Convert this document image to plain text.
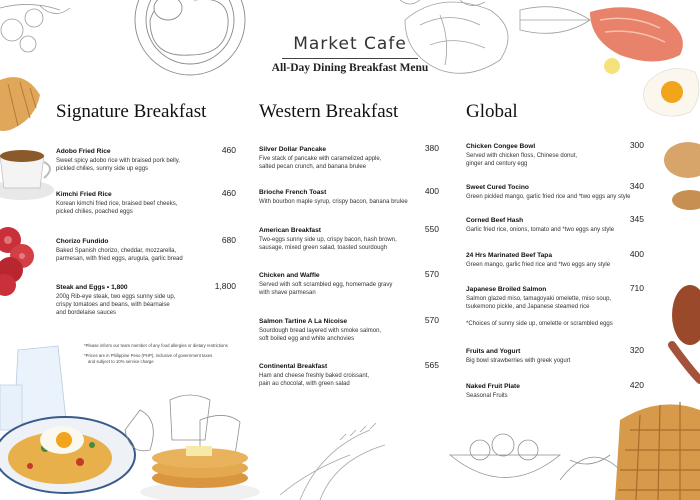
Market Cafe
All-Day Dining Breakfast Menu
Signature Breakfast
Adobo Fried Rice	460
Sweet spicy adobo rice with braised pork belly,
pickled chilies, sunny side up eggs
Kimchi Fried Rice	460
Korean kimchi fried rice, braised beef cheeks,
picked chilies, poached eggs
Chorizo Fundido	680
Baked Spanish chorizo, cheddar, mozzarella,
parmesan, with fried eggs, arugula, garlic bread
Steak and Eggs • 1,800	1,800
200g Rib-eye steak, two eggs sunny side up,
crispy tomatoes and beans, with béarnaise
and bordelaise sauces
*Please inform our team member of any food allergies or dietary restrictions
*Prices are in Philippine Peso (PHP), inclusive of government taxes
and subject to 10% service charge
Western Breakfast
Silver Dollar Pancake	380
Five stack of pancake with caramelized apple,
salted pecan crunch, and banana brulee
Brioche French Toast	400
With bourbon maple syrup, crispy bacon, banana brulee
American Breakfast	550
Two-eggs sunny side up, crispy bacon, hash brown,
sausage, mixed green salad, toasted sourdough
Chicken and Waffle	570
Served with soft scrambled egg, homemade gravy
with shave parmesan
Salmon Tartine A La Nicoise	570
Sourdough bread layered with smoke salmon,
soft boiled egg and white anchovies
Continental Breakfast	565
Ham and cheese freshly baked croissant,
pain au chocolat, with green salad
Global
Chicken Congee Bowl	300
Served with chicken floss, Chinese donut,
ginger and century egg
Sweet Cured Tocino	340
Green pickled mango, garlic fried rice and *two eggs any style
Corned Beef Hash	345
Garlic fried rice, onions, tomato and *two eggs any style
24 Hrs Marinated Beef Tapa	400
Green mango, garlic fried rice and *two eggs any style
Japanese Broiled Salmon	710
Salmon glazed miso, tamagoyaki omelette, miso soup,
tsukemono pickle, and Japanese steamed rice
*Choices of sunny side up, omelette or scrambled eggs
Fruits and Yogurt	320
Big bowl strawberries with greek yogurt
Naked Fruit Plate	420
Seasonal Fruits
